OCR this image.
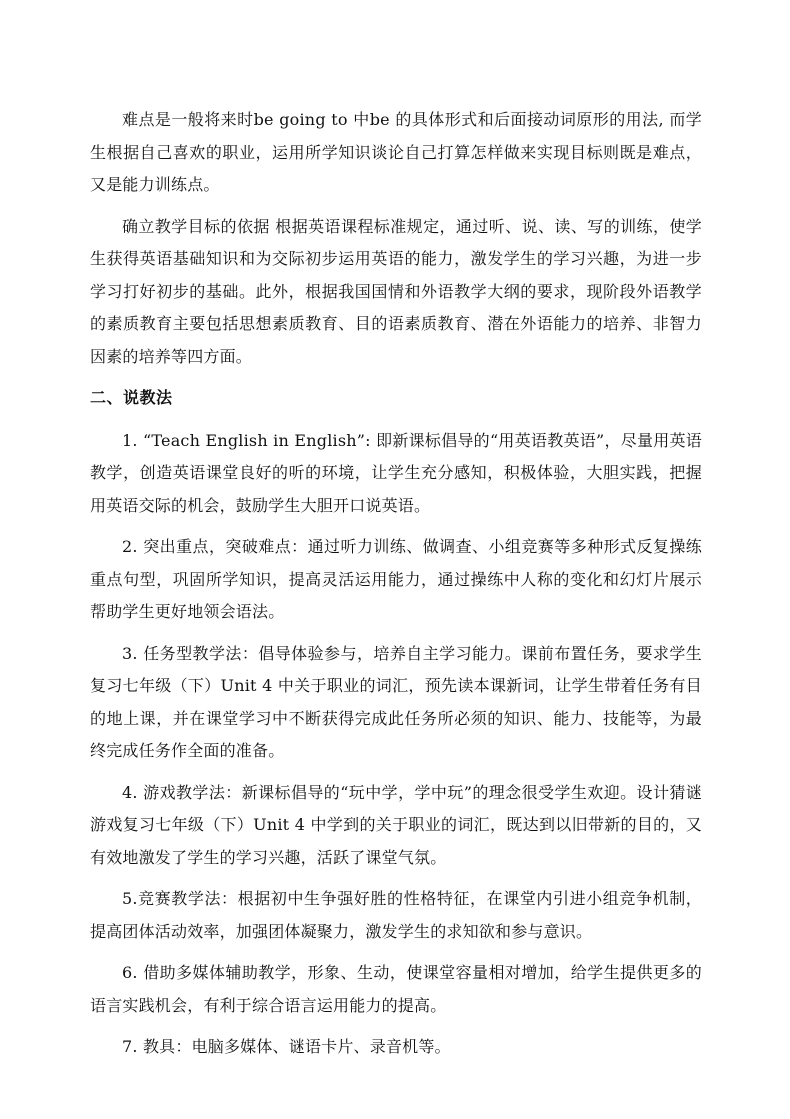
难点是一般将来时be going to 中be 的具体形式和后面接动词原形的用法, 而学生根据自己喜欢的职业，运用所学知识谈论自己打算怎样做来实现目标则既是难点，又是能力训练点。

确立教学目标的依据 根据英语课程标准规定，通过听、说、读、写的训练，使学生获得英语基础知识和为交际初步运用英语的能力，激发学生的学习兴趣，为进一步学习打好初步的基础。此外，根据我国国情和外语教学大纲的要求，现阶段外语教学的素质教育主要包括思想素质教育、目的语素质教育、潜在外语能力的培养、非智力因素的培养等四方面。

二、说教法

1. “Teach English in English”: 即新课标倡导的“用英语教英语”，尽量用英语教学，创造英语课堂良好的听的环境，让学生充分感知，积极体验，大胆实践，把握用英语交际的机会，鼓励学生大胆开口说英语。

2. 突出重点，突破难点：通过听力训练、做调查、小组竞赛等多种形式反复操练重点句型，巩固所学知识，提高灵活运用能力，通过操练中人称的变化和幻灯片展示帮助学生更好地领会语法。

3. 任务型教学法：倡导体验参与，培养自主学习能力。课前布置任务，要求学生复习七年级（下）Unit 4 中关于职业的词汇，预先读本课新词，让学生带着任务有目的地上课，并在课堂学习中不断获得完成此任务所必须的知识、能力、技能等，为最终完成任务作全面的准备。

4. 游戏教学法：新课标倡导的“玩中学，学中玩”的理念很受学生欢迎。设计猜谜游戏复习七年级（下）Unit 4 中学到的关于职业的词汇，既达到以旧带新的目的，又有效地激发了学生的学习兴趣，活跃了课堂气氛。

5.竞赛教学法：根据初中生争强好胜的性格特征，在课堂内引进小组竞争机制，提高团体活动效率，加强团体凝聚力，激发学生的求知欲和参与意识。

6. 借助多媒体辅助教学，形象、生动，使课堂容量相对增加，给学生提供更多的语言实践机会，有利于综合语言运用能力的提高。

7. 教具：电脑多媒体、谜语卡片、录音机等。
